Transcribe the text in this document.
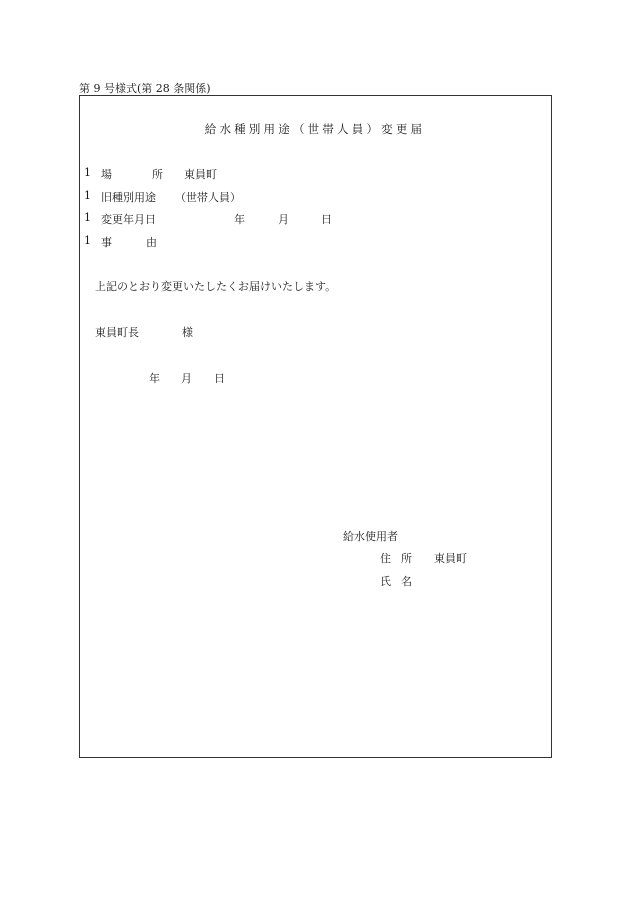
第 9 号様式(第 28 条関係)
給水種別用途（世帯人員）変更届
1 場	所 東員町
1 旧種別用途 （世帯人員）
1 変更年月日	年	月	日
1 事	由
上記のとおり変更いたしたくお届けいたします。
東員町長	様
年 月 日
給水使用者
住 所 東員町
氏 名
